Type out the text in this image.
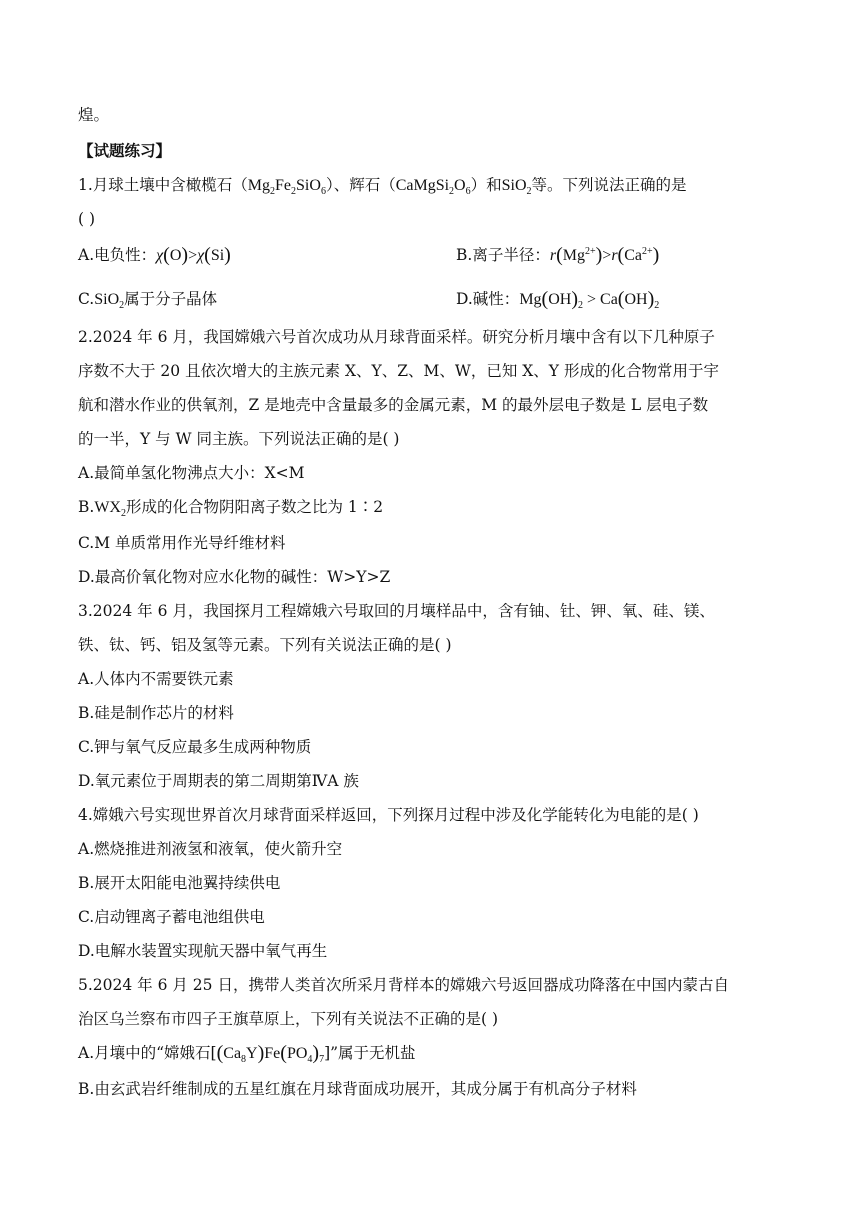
煌。
【试题练习】
1.月球土壤中含橄榄石$(Mg_2Fe_2SiO_6)$、辉石$(CaMgSi_2O_6)$和SiO$_2$等。下列说法正确的是
( )
A.电负性：χ(O)>χ(Si)	B.离子半径：$r(Mg^{2+})>r(Ca^{2+})$
C.SiO$_2$属于分子晶体	D.碱性：$Mg(OH)_2 > Ca(OH)_2$
2.2024 年 6 月，我国嫦娥六号首次成功从月球背面采样。研究分析月壤中含有以下几种原子
序数不大于 20 且依次增大的主族元素 X、Y、Z、M、W，已知 X、Y 形成的化合物常用于宇
航和潜水作业的供氧剂，Z 是地壳中含量最多的金属元素，M 的最外层电子数是 L 层电子数
的一半，Y 与 W 同主族。下列说法正确的是( )
A.最简单氢化物沸点大小：X<M
$B.WX_2$形成的化合物阴阳离子数之比为 1∶2
C.M 单质常用作光导纤维材料
D.最高价氧化物对应水化物的碱性：W>Y>Z
3.2024 年 6 月，我国探月工程嫦娥六号取回的月壤样品中，含有铀、钍、钾、氧、硅、镁、
铁、钛、钙、铝及氢等元素。下列有关说法正确的是( )
A.人体内不需要铁元素
B.硅是制作芯片的材料
C.钾与氧气反应最多生成两种物质
D.氧元素位于周期表的第二周期第ⅣA 族
4.嫦娥六号实现世界首次月球背面采样返回，下列探月过程中涉及化学能转化为电能的是( )
A.燃烧推进剂液氢和液氧，使火箭升空
B.展开太阳能电池翼持续供电
C.启动锂离子蓄电池组供电
D.电解水装置实现航天器中氧气再生
5.2024 年 6 月 25 日，携带人类首次所采月背样本的嫦娥六号返回器成功降落在中国内蒙古自
治区乌兰察布市四子王旗草原上，下列有关说法不正确的是( )
A.月壤中的“嫦娥石$[(Ca_8Y)Fe(PO_4)_7]$”属于无机盐
B.由玄武岩纤维制成的五星红旗在月球背面成功展开，其成分属于有机高分子材料
